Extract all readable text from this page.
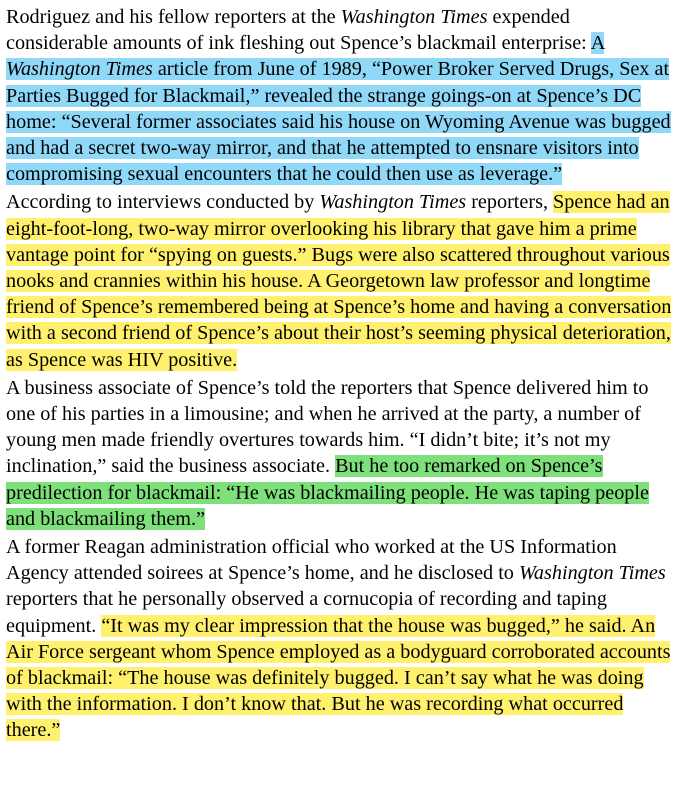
Rodriguez and his fellow reporters at the Washington Times expended considerable amounts of ink fleshing out Spence’s blackmail enterprise: A Washington Times article from June of 1989, “Power Broker Served Drugs, Sex at Parties Bugged for Blackmail,” revealed the strange goings-on at Spence’s DC home: “Several former associates said his house on Wyoming Avenue was bugged and had a secret two-way mirror, and that he attempted to ensnare visitors into compromising sexual encounters that he could then use as leverage.”

According to interviews conducted by Washington Times reporters, Spence had an eight-foot-long, two-way mirror overlooking his library that gave him a prime vantage point for “spying on guests.” Bugs were also scattered throughout various nooks and crannies within his house. A Georgetown law professor and longtime friend of Spence’s remembered being at Spence’s home and having a conversation with a second friend of Spence’s about their host’s seeming physical deterioration, as Spence was HIV positive.

A business associate of Spence’s told the reporters that Spence delivered him to one of his parties in a limousine; and when he arrived at the party, a number of young men made friendly overtures towards him. “I didn’t bite; it’s not my inclination,” said the business associate. But he too remarked on Spence’s predilection for blackmail: “He was blackmailing people. He was taping people and blackmailing them.”

A former Reagan administration official who worked at the US Information Agency attended soirees at Spence’s home, and he disclosed to Washington Times reporters that he personally observed a cornucopia of recording and taping equipment. “It was my clear impression that the house was bugged,” he said. An Air Force sergeant whom Spence employed as a bodyguard corroborated accounts of blackmail: “The house was definitely bugged. I can’t say what he was doing with the information. I don’t know that. But he was recording what occurred there.”
